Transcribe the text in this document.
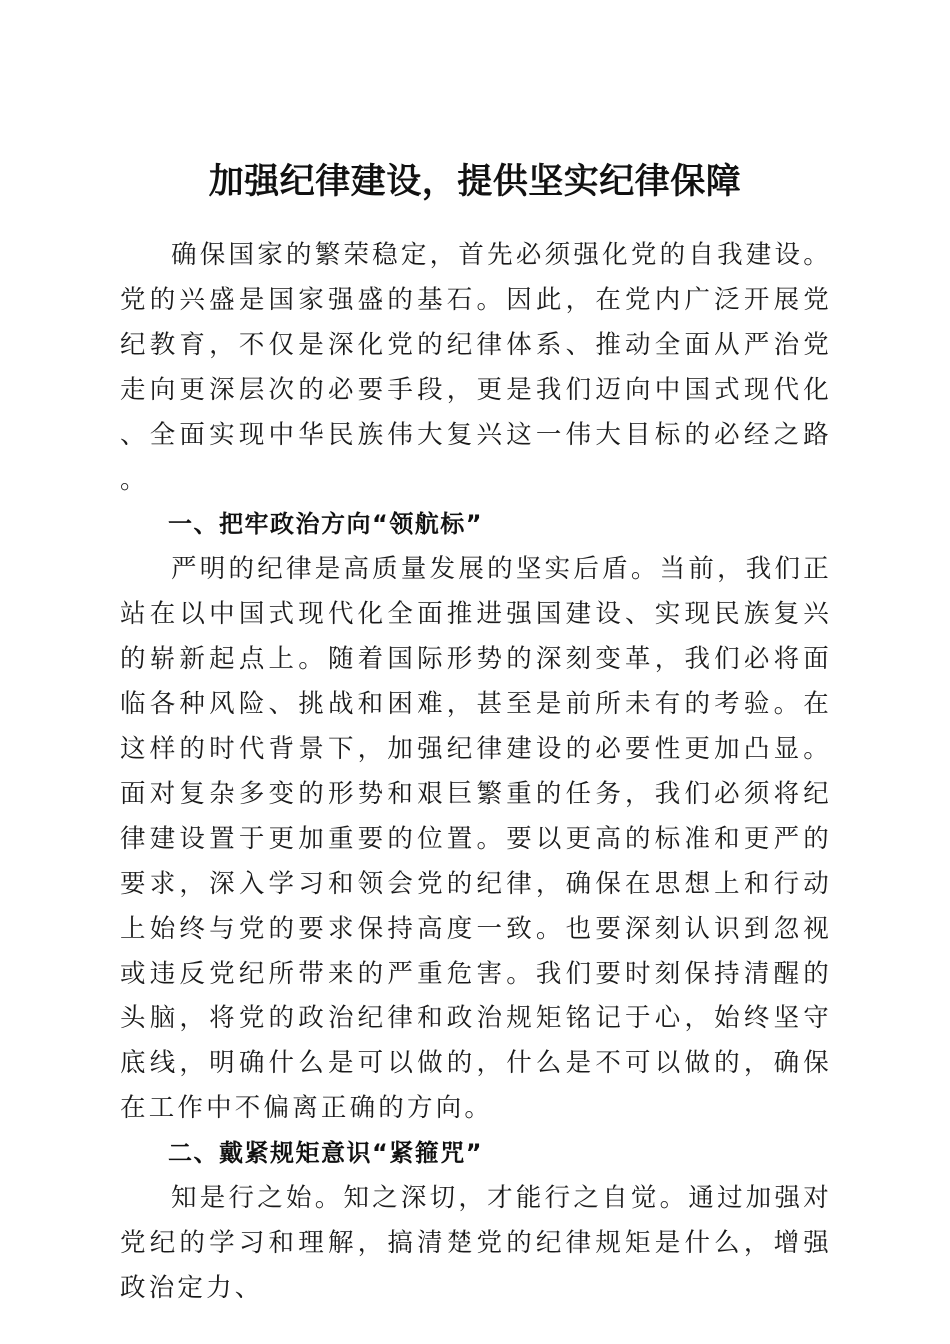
加强纪律建设，提供坚实纪律保障

确保国家的繁荣稳定，首先必须强化党的自我建设。党的兴盛是国家强盛的基石。因此，在党内广泛开展党纪教育，不仅是深化党的纪律体系、推动全面从严治党走向更深层次的必要手段，更是我们迈向中国式现代化、全面实现中华民族伟大复兴这一伟大目标的必经之路。

一、把牢政治方向“领航标”

严明的纪律是高质量发展的坚实后盾。当前，我们正站在以中国式现代化全面推进强国建设、实现民族复兴的崭新起点上。随着国际形势的深刻变革，我们必将面临各种风险、挑战和困难，甚至是前所未有的考验。在这样的时代背景下，加强纪律建设的必要性更加凸显。面对复杂多变的形势和艰巨繁重的任务，我们必须将纪律建设置于更加重要的位置。要以更高的标准和更严的要求，深入学习和领会党的纪律，确保在思想上和行动上始终与党的要求保持高度一致。也要深刻认识到忽视或违反党纪所带来的严重危害。我们要时刻保持清醒的头脑，将党的政治纪律和政治规矩铭记于心，始终坚守底线，明确什么是可以做的，什么是不可以做的，确保在工作中不偏离正确的方向。

二、戴紧规矩意识“紧箍咒”

知是行之始。知之深切，才能行之自觉。通过加强对党纪的学习和理解，搞清楚党的纪律规矩是什么，增强政治定力、
